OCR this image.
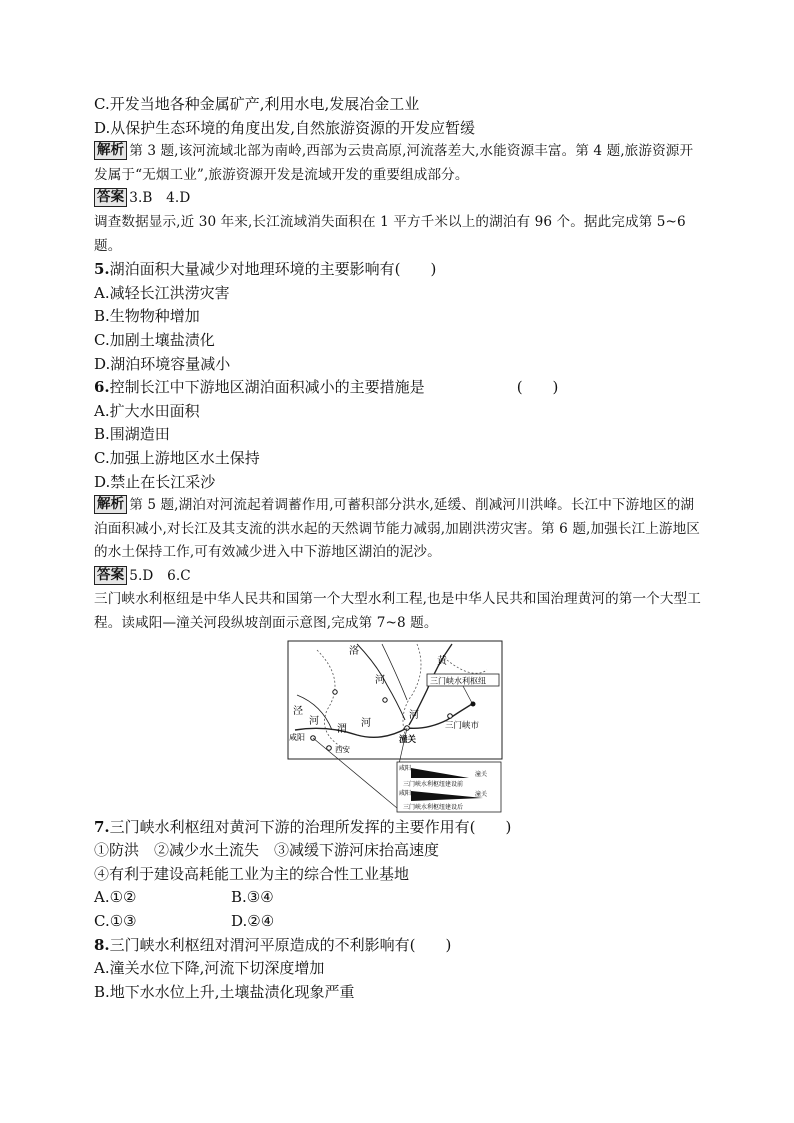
C.开发当地各种金属矿产,利用水电,发展冶金工业
D.从保护生态环境的角度出发,自然旅游资源的开发应暂缓
解析 第 3 题,该河流域北部为南岭,西部为云贵高原,河流落差大,水能资源丰富。第 4 题,旅游资源开发属于“无烟工业”,旅游资源开发是流域开发的重要组成部分。
答案 3.B　4.D
调查数据显示,近 30 年来,长江流域消失面积在 1 平方千米以上的湖泊有 96 个。据此完成第 5~6 题。
5.湖泊面积大量减少对地理环境的主要影响有(　　)
A.减轻长江洪涝灾害
B.生物物种增加
C.加剧土壤盐渍化
D.湖泊环境容量减小
6.控制长江中下游地区湖泊面积减小的主要措施是	(　　)
A.扩大水田面积
B.围湖造田
C.加强上游地区水土保持
D.禁止在长江采沙
解析 第 5 题,湖泊对河流起着调蓄作用,可蓄积部分洪水,延缓、削减河川洪峰。长江中下游地区的湖泊面积减小,对长江及其支流的洪水起的天然调节能力减弱,加剧洪涝灾害。第 6 题,加强长江上游地区的水土保持工作,可有效减少进入中下游地区湖泊的泥沙。
答案 5.D　6.C
三门峡水利枢纽是中华人民共和国第一个大型水利工程,也是中华人民共和国治理黄河的第一个大型工程。读咸阳—潼关河段纵坡剖面示意图,完成第 7~8 题。
洛
河
黄
河
泾
河
渭
河
三门峡水利枢纽
潼关
三门峡市
咸阳
西安
咸阳
潼关
三门峡水利枢纽建设前
咸阳	潼关
三门峡水利枢纽建设后
7.三门峡水利枢纽对黄河下游的治理所发挥的主要作用有(　　)
①防洪　②减少水土流失　③减缓下游河床抬高速度
④有利于建设高耗能工业为主的综合性工业基地
A.①②	B.③④
C.①③	D.②④
8.三门峡水利枢纽对渭河平原造成的不利影响有(　　)
A.潼关水位下降,河流下切深度增加
B.地下水水位上升,土壤盐渍化现象严重
